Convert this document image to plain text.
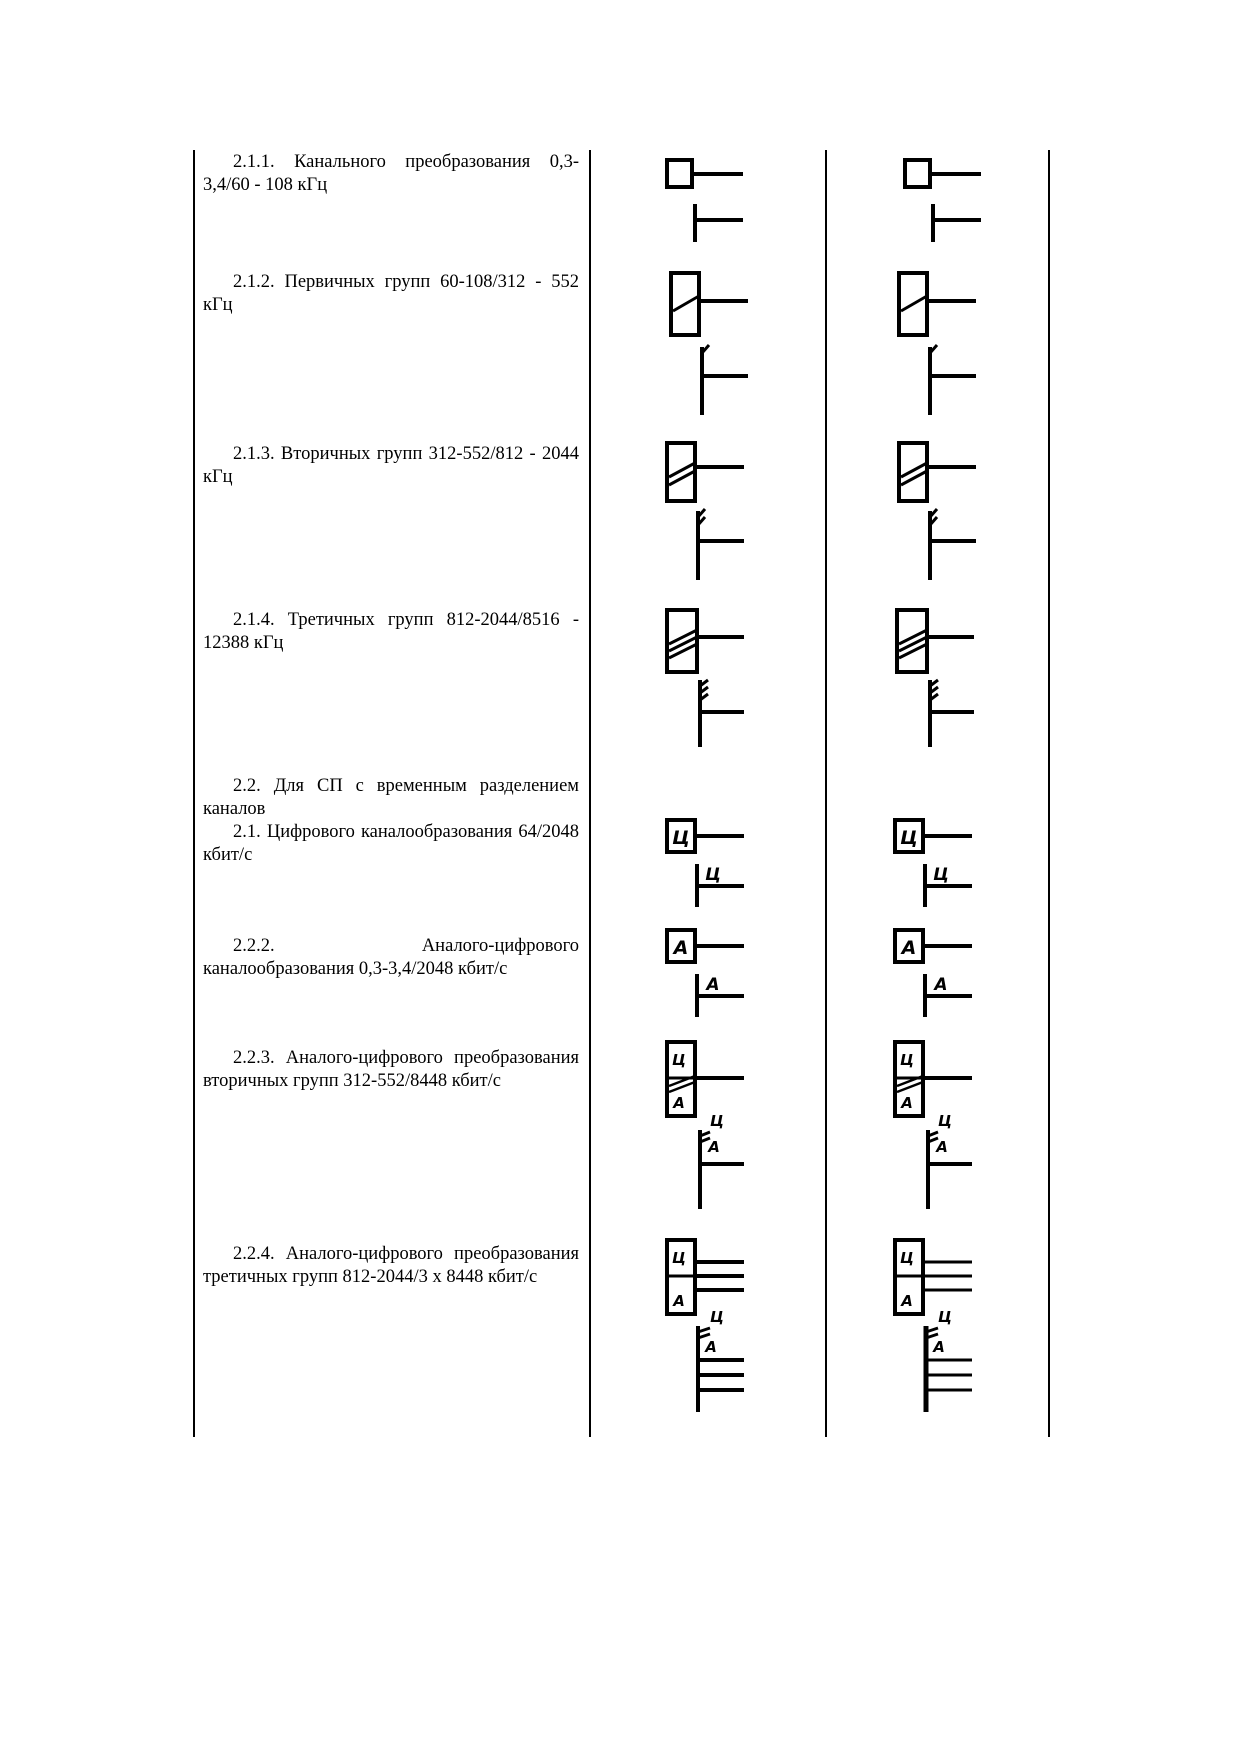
2.1.1. Канального преобразования 0,3-3,4/60 - 108 кГц

2.1.2. Первичных групп 60-108/312 - 552 кГц

2.1.3. Вторичных групп 312-552/812 - 2044 кГц

2.1.4. Третичных групп 812-2044/8516 - 12388 кГц

2.2. Для СП с временным разделением каналов

2.1. Цифрового каналообразования 64/2048 кбит/с

2.2.2. Аналого-цифрового каналообразования 0,3-3,4/2048 кбит/с

2.2.3. Аналого-цифрового преобразования вторичных групп 312-552/8448 кбит/с

2.2.4. Аналого-цифрового преобразования третичных групп 812-2044/3 х 8448 кбит/с

Ц
Ц
Ц
Ц
А
А
А
А
Ц
А
Ц
А
Ц
А
Ц
А
Ц
А
Ц
А
Ц
А
Ц
А
